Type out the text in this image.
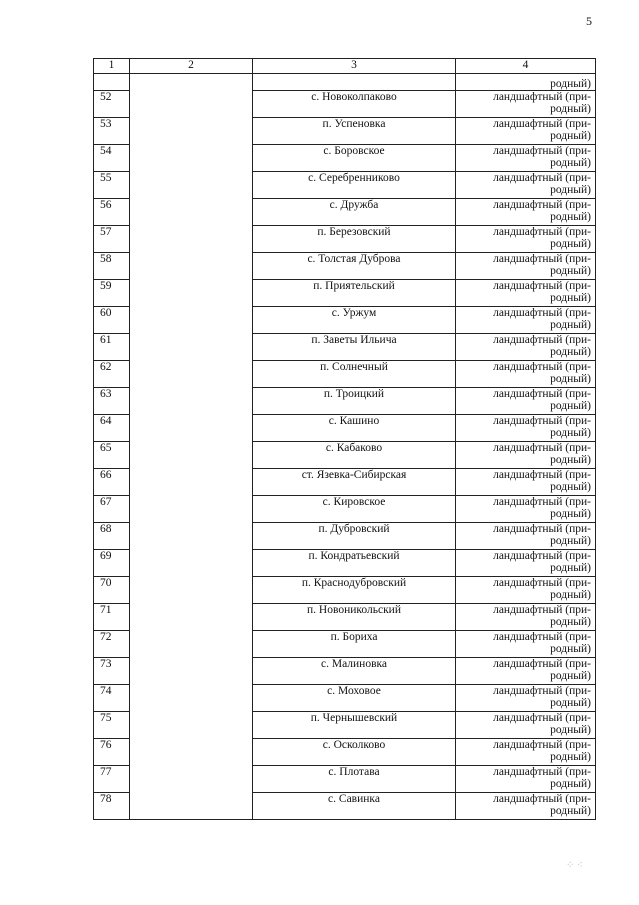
5
1	2	3	4
			родный)
52		с. Новоколпаково	ландшафтный (при-
родный)

53		п. Успеновка	ландшафтный (при-
родный)

54		с. Боровское	ландшафтный (при-
родный)

55		с. Серебренниково	ландшафтный (при-
родный)

56		с. Дружба	ландшафтный (при-
родный)

57		п. Березовский	ландшафтный (при-
родный)

58		с. Толстая Дуброва	ландшафтный (при-
родный)

59		п. Приятельский	ландшафтный (при-
родный)

60		с. Уржум	ландшафтный (при-
родный)

61		п. Заветы Ильича	ландшафтный (при-
родный)

62		п. Солнечный	ландшафтный (при-
родный)

63		п. Троицкий	ландшафтный (при-
родный)

64		с. Кашино	ландшафтный (при-
родный)

65		с. Кабаково	ландшафтный (при-
родный)

66		ст. Язевка-Сибирская	ландшафтный (при-
родный)

67		с. Кировское	ландшафтный (при-
родный)

68		п. Дубровский	ландшафтный (при-
родный)

69		п. Кондратьевский	ландшафтный (при-
родный)

70		п. Краснодубровский	ландшафтный (при-
родный)

71		п. Новоникольский	ландшафтный (при-
родный)

72		п. Бориха	ландшафтный (при-
родный)

73		с. Малиновка	ландшафтный (при-
родный)

74		с. Моховое	ландшафтный (при-
родный)

75		п. Чернышевский	ландшафтный (при-
родный)

76		с. Осколково	ландшафтный (при-
родный)

77		с. Плотава	ландшафтный (при-
родный)

78		с. Савинка	ландшафтный (при-
родный)
⁘ ⁖
